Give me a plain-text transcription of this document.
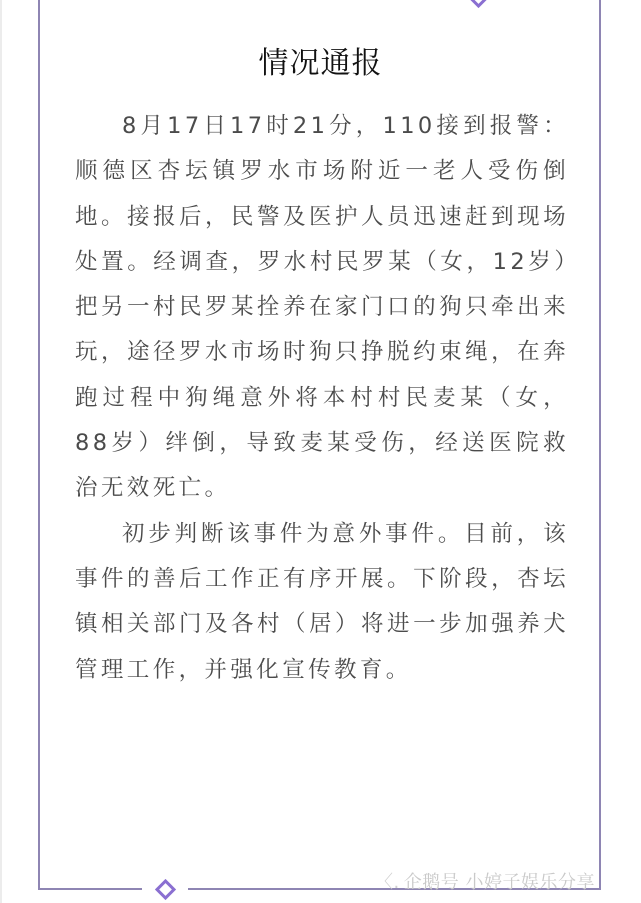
情况通报

8月17日17时21分，110接到报警：顺德区杏坛镇罗水市场附近一老人受伤倒地。接报后，民警及医护人员迅速赶到现场处置。经调查，罗水村民罗某（女，12岁）把另一村民罗某拴养在家门口的狗只牵出来玩，途径罗水市场时狗只挣脱约束绳，在奔跑过程中狗绳意外将本村村民麦某（女，88岁）绊倒，导致麦某受伤，经送医院救治无效死亡。

初步判断该事件为意外事件。目前，该事件的善后工作正有序开展。下阶段，杏坛镇相关部门及各村（居）将进一步加强养犬管理工作，并强化宣传教育。

〈. 企鹅号 小婷子娱乐分享
